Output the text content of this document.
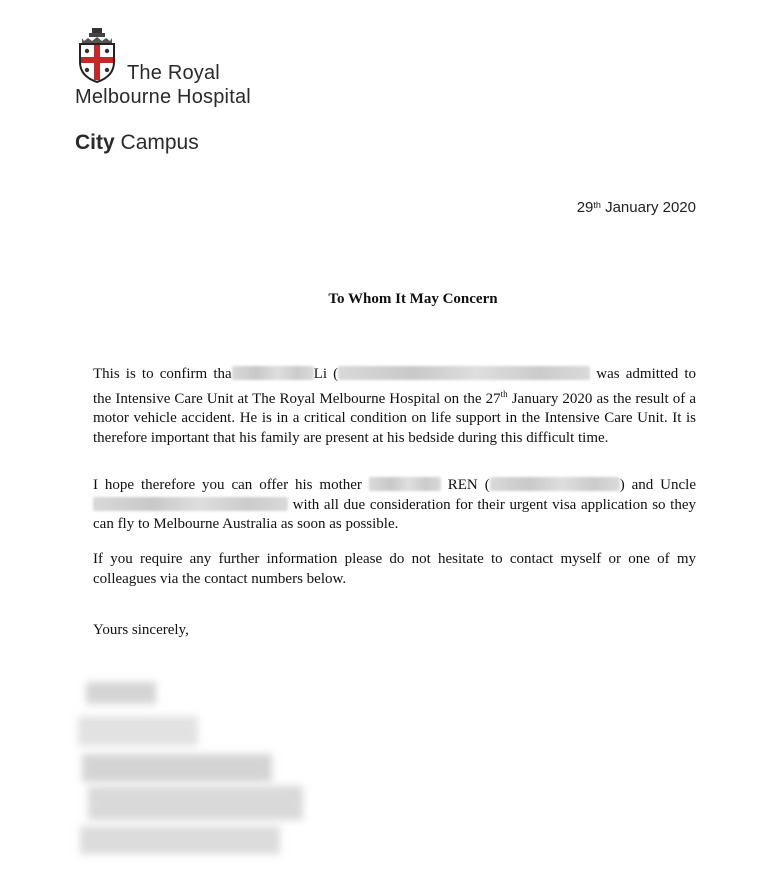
The Royal
Melbourne Hospital
City Campus
29th January 2020
To Whom It May Concern
This is to confirm tha	Li (	was admitted to the Intensive Care Unit at The Royal Melbourne Hospital on the 27th January 2020 as the result of a motor vehicle accident. He is in a critical condition on life support in the Intensive Care Unit. It is therefore important that his family are present at his bedside during this difficult time.
I hope therefore you can offer his mother	REN (	) and Uncle  with all due consideration for their urgent visa application so they can fly to Melbourne Australia as soon as possible.
If you require any further information please do not hesitate to contact myself or one of my colleagues via the contact numbers below.
Yours sincerely,
